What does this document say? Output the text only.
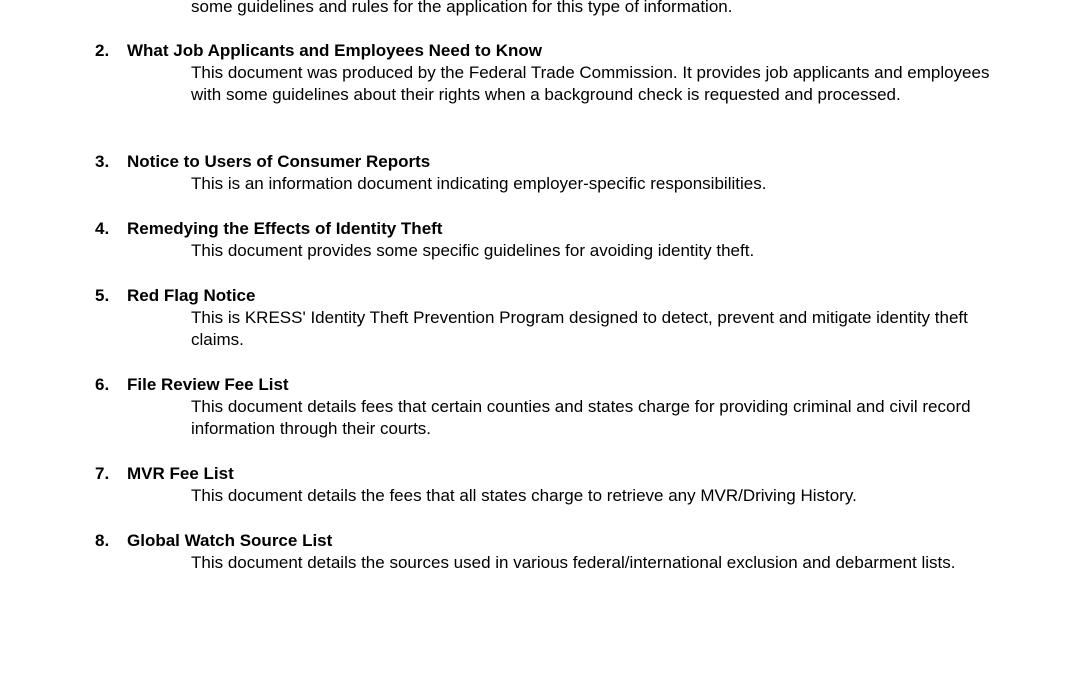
some guidelines and rules for the application for this type of information.
2.	What Job Applicants and Employees Need to Know
This document was produced by the Federal Trade Commission. It provides job applicants and employees with some guidelines about their rights when a background check is requested and processed.
3.	Notice to Users of Consumer Reports
This is an information document indicating employer-specific responsibilities.
4.	Remedying the Effects of Identity Theft
This document provides some specific guidelines for avoiding identity theft.
5.	Red Flag Notice
This is KRESS' Identity Theft Prevention Program designed to detect, prevent and mitigate identity theft claims.
6.	File Review Fee List
This document details fees that certain counties and states charge for providing criminal and civil record information through their courts.
7.	MVR Fee List
This document details the fees that all states charge to retrieve any MVR/Driving History.
8.	Global Watch Source List
This document details the sources used in various federal/international exclusion and debarment lists.
